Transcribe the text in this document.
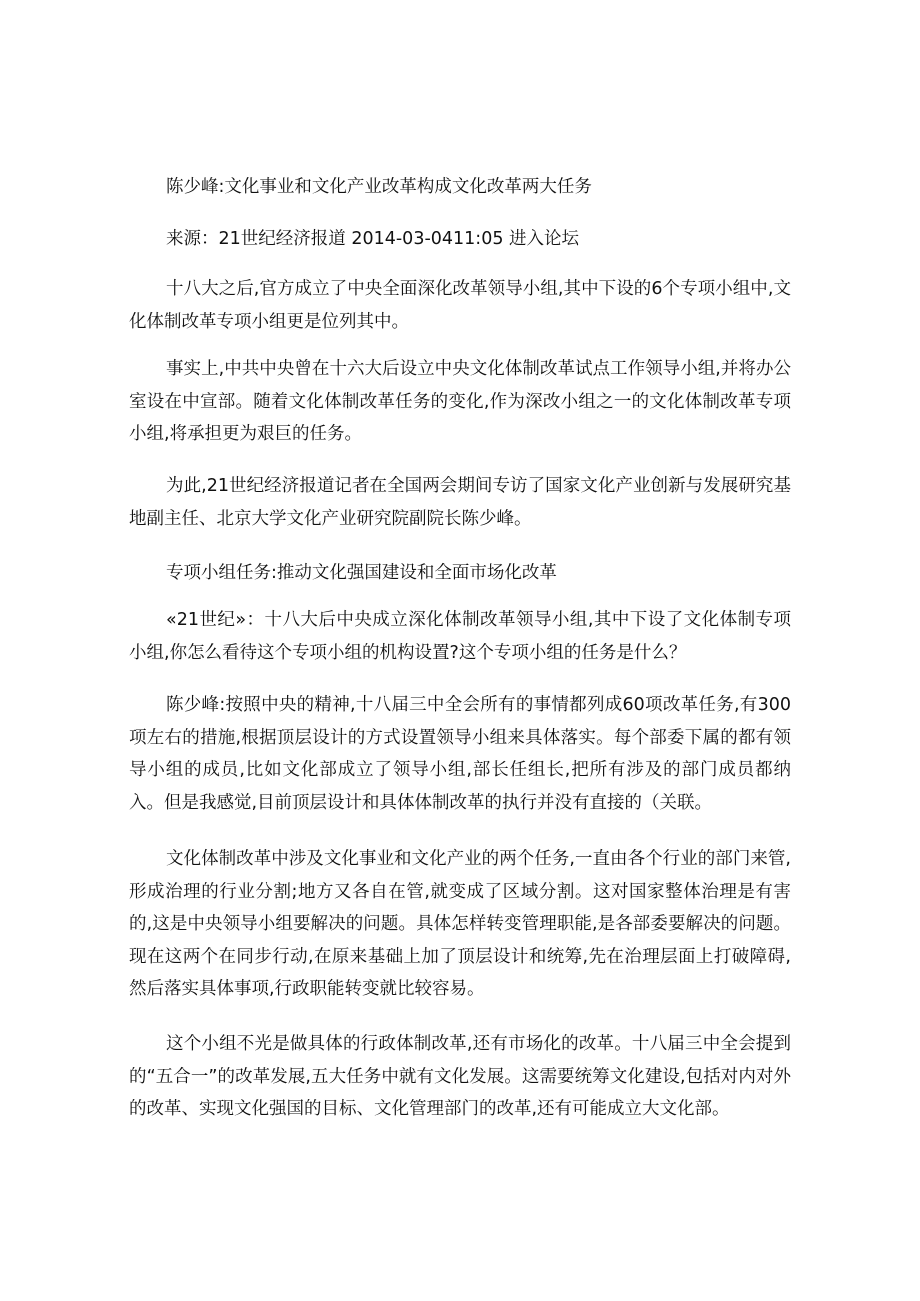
陈少峰:文化事业和文化产业改革构成文化改革两大任务

来源：21世纪经济报道 2014-03-0411:05 进入论坛

十八大之后,官方成立了中央全面深化改革领导小组,其中下设的6个专项小组中,文化体制改革专项小组更是位列其中。

事实上,中共中央曾在十六大后设立中央文化体制改革试点工作领导小组,并将办公室设在中宣部。随着文化体制改革任务的变化,作为深改小组之一的文化体制改革专项小组,将承担更为艰巨的任务。

为此,21世纪经济报道记者在全国两会期间专访了国家文化产业创新与发展研究基地副主任、北京大学文化产业研究院副院长陈少峰。

专项小组任务:推动文化强国建设和全面市场化改革

«21世纪»：十八大后中央成立深化体制改革领导小组,其中下设了文化体制专项小组,你怎么看待这个专项小组的机构设置?这个专项小组的任务是什么？

陈少峰:按照中央的精神,十八届三中全会所有的事情都列成60项改革任务,有300项左右的措施,根据顶层设计的方式设置领导小组来具体落实。每个部委下属的都有领导小组的成员,比如文化部成立了领导小组,部长任组长,把所有涉及的部门成员都纳入。但是我感觉,目前顶层设计和具体体制改革的执行并没有直接的（关联。

文化体制改革中涉及文化事业和文化产业的两个任务,一直由各个行业的部门来管,形成治理的行业分割;地方又各自在管,就变成了区域分割。这对国家整体治理是有害的,这是中央领导小组要解决的问题。具体怎样转变管理职能,是各部委要解决的问题。现在这两个在同步行动,在原来基础上加了顶层设计和统筹,先在治理层面上打破障碍,然后落实具体事项,行政职能转变就比较容易。

这个小组不光是做具体的行政体制改革,还有市场化的改革。十八届三中全会提到的“五合一”的改革发展,五大任务中就有文化发展。这需要统筹文化建设,包括对内对外的改革、实现文化强国的目标、文化管理部门的改革,还有可能成立大文化部。
